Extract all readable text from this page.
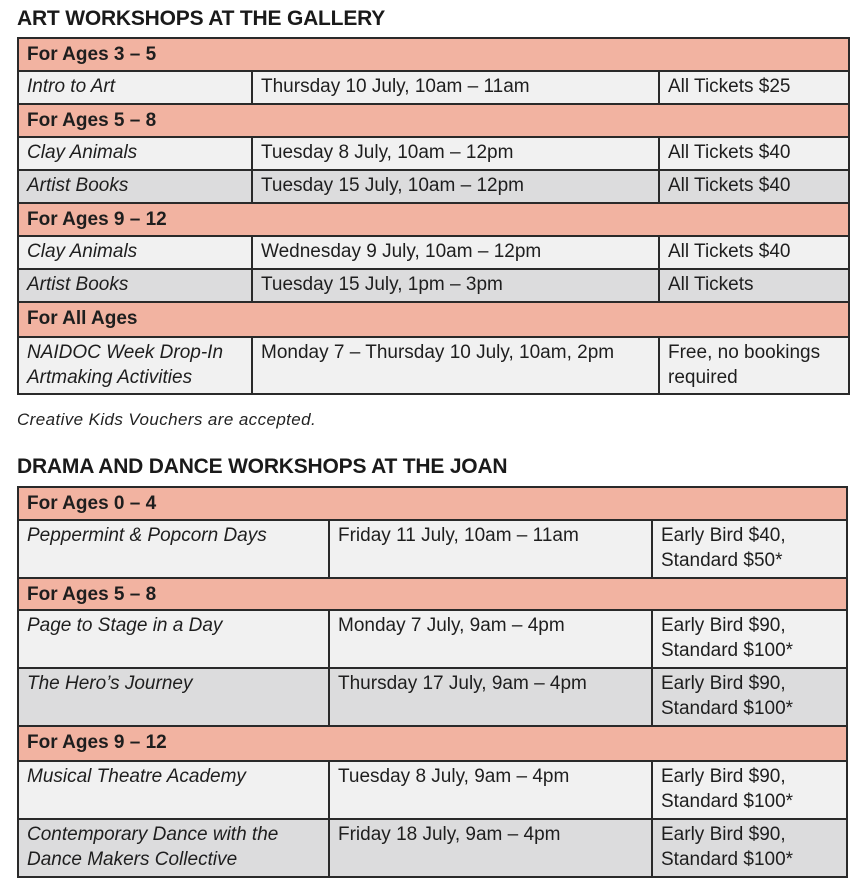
ART WORKSHOPS AT THE GALLERY
For Ages 3 – 5		
Intro to Art	Thursday 10 July, 10am – 11am	All Tickets $25
For Ages 5 – 8		
Clay Animals	Tuesday 8 July, 10am – 12pm	All Tickets $40
Artist Books	Tuesday 15 July, 10am – 12pm	All Tickets $40
For Ages 9 – 12		
Clay Animals	Wednesday 9 July, 10am – 12pm	All Tickets $40
Artist Books	Tuesday 15 July, 1pm – 3pm	All Tickets
For All Ages		
NAIDOC Week Drop-In Artmaking Activities	Monday 7 – Thursday 10 July, 10am, 2pm	Free, no bookings required

Creative Kids Vouchers are accepted.

DRAMA AND DANCE WORKSHOPS AT THE JOAN
For Ages 0 – 4		
Peppermint & Popcorn Days	Friday 11 July, 10am – 11am	Early Bird $40, Standard $50*
For Ages 5 – 8		
Page to Stage in a Day	Monday 7 July, 9am – 4pm	Early Bird $90, Standard $100*
The Hero’s Journey	Thursday 17 July, 9am – 4pm	Early Bird $90, Standard $100*
For Ages 9 – 12		
Musical Theatre Academy	Tuesday 8 July, 9am – 4pm	Early Bird $90, Standard $100*
Contemporary Dance with the Dance Makers Collective	Friday 18 July, 9am – 4pm	Early Bird $90, Standard $100*
